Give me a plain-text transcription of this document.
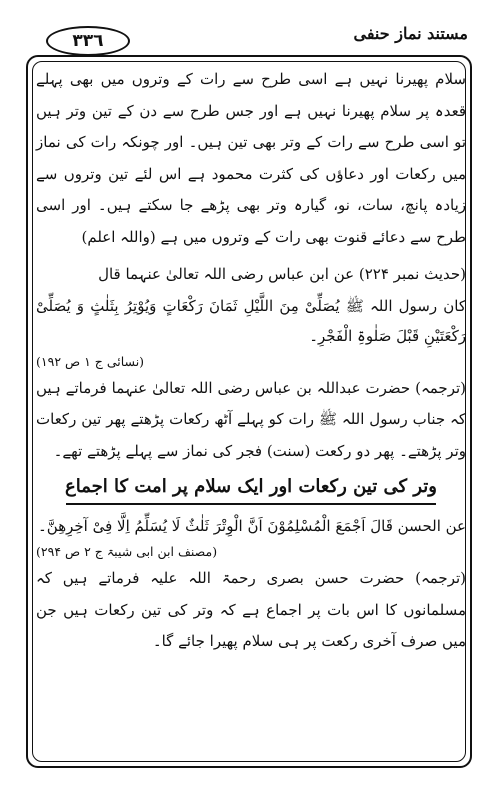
٣٣٦	مستند نماز حنفی

سلام پھیرنا نہیں ہے اسی طرح سے رات کے وتروں میں بھی پہلے قعدہ پر سلام پھیرنا نہیں ہے اور جس طرح سے دن کے تین وتر ہیں تو اسی طرح سے رات کے وتر بھی تین ہیں۔ اور چونکہ رات کی نماز میں رکعات اور دعاؤں کی کثرت محمود ہے اس لئے تین وتروں سے زیادہ پانچ، سات، نو، گیارہ وتر بھی پڑھے جا سکتے ہیں۔ اور اسی طرح سے دعائے قنوت بھی رات کے وتروں میں ہے (واللہ اعلم)

(حدیث نمبر ۲۲۴) عن ابن عباس رضی اللہ تعالیٰ عنہما قال

کان رسول اللہ ﷺ یُصَلِّیْ مِنَ اللَّیْلِ ثَمَانَ رَکْعَاتٍ وَیُوْتِرُ بِثَلٰثٍ وَ یُصَلِّیْ رَکْعَتَیْنِ قَبْلَ صَلٰوۃِ الْفَجْرِ۔

(نسائی ج ۱ ص ۱۹۲)

(ترجمہ) حضرت عبداللہ بن عباس رضی اللہ تعالیٰ عنہما فرماتے ہیں کہ جناب رسول اللہ ﷺ رات کو پہلے آٹھ رکعات پڑھتے پھر تین رکعات وتر پڑھتے۔ پھر دو رکعت (سنت) فجر کی نماز سے پہلے پڑھتے تھے۔

وتر کی تین رکعات اور ایک سلام پر امت کا اجماع

عن الحسن قَالَ اَجْمَعَ الْمُسْلِمُوْنَ اَنَّ الْوِتْرَ ثَلٰثٌ لَا یُسَلِّمُ اِلَّا فِیْ آخِرِھِنَّ۔

(مصنف ابن ابی شیبۃ ج ۲ ص ۲۹۴)

(ترجمہ) حضرت حسن بصری رحمۃ اللہ علیہ فرماتے ہیں کہ مسلمانوں کا اس بات پر اجماع ہے کہ وتر کی تین رکعات ہیں جن میں صرف آخری رکعت پر ہی سلام پھیرا جائے گا۔
